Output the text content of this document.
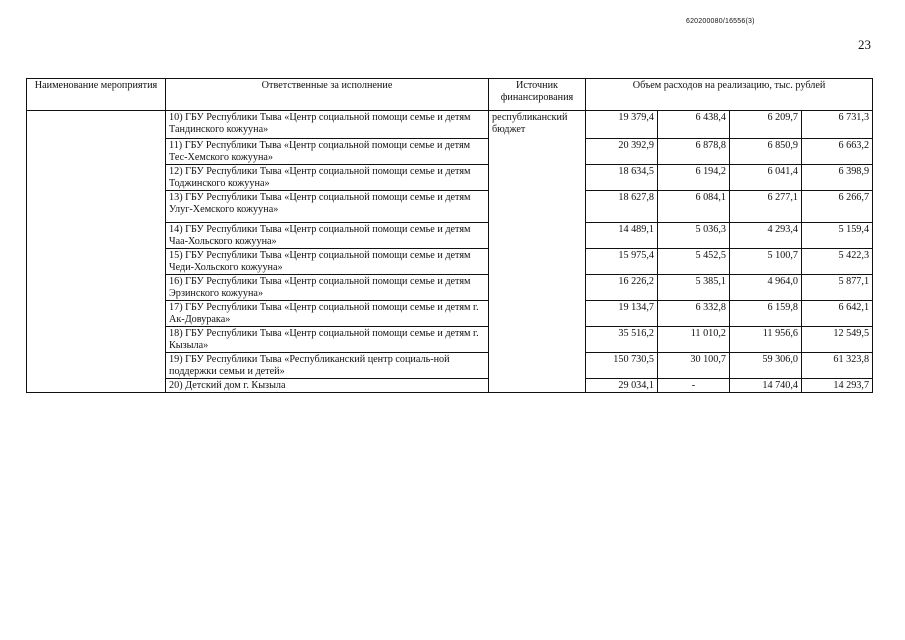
620200080/16556(3)
23
Наименование мероприятия	Ответственные за исполнение	Источник финансирования	Объем расходов на реализацию, тыс. рублей			
	10) ГБУ Республики Тыва «Центр социальной помощи семье и детям Тандинского кожууна»	республиканский бюджет	19 379,4	6 438,4	6 209,7	6 731,3
	11) ГБУ Республики Тыва «Центр социальной помощи семье и детям Тес-Хемского кожууна»		20 392,9	6 878,8	6 850,9	6 663,2
	12) ГБУ Республики Тыва «Центр социальной помощи семье и детям Тоджинского кожууна»		18 634,5	6 194,2	6 041,4	6 398,9
	13) ГБУ Республики Тыва «Центр социальной помощи семье и детям Улуг-Хемского кожууна»		18 627,8	6 084,1	6 277,1	6 266,7
	14) ГБУ Республики Тыва «Центр социальной помощи семье и детям Чаа-Хольского кожууна»		14 489,1	5 036,3	4 293,4	5 159,4
	15) ГБУ Республики Тыва «Центр социальной помощи семье и детям Чеди-Хольского кожууна»		15 975,4	5 452,5	5 100,7	5 422,3
	16) ГБУ Республики Тыва «Центр социальной помощи семье и детям Эрзинского кожууна»		16 226,2	5 385,1	4 964,0	5 877,1
	17) ГБУ Республики Тыва «Центр социальной помощи семье и детям г. Ак-Довурака»		19 134,7	6 332,8	6 159,8	6 642,1
	18) ГБУ Республики Тыва «Центр социальной помощи семье и детям г. Кызыла»		35 516,2	11 010,2	11 956,6	12 549,5
	19) ГБУ Республики Тыва «Республиканский центр социаль-ной поддержки семьи и детей»		150 730,5	30 100,7	59 306,0	61 323,8
	20) Детский дом г. Кызыла		29 034,1	-	14 740,4	14 293,7
